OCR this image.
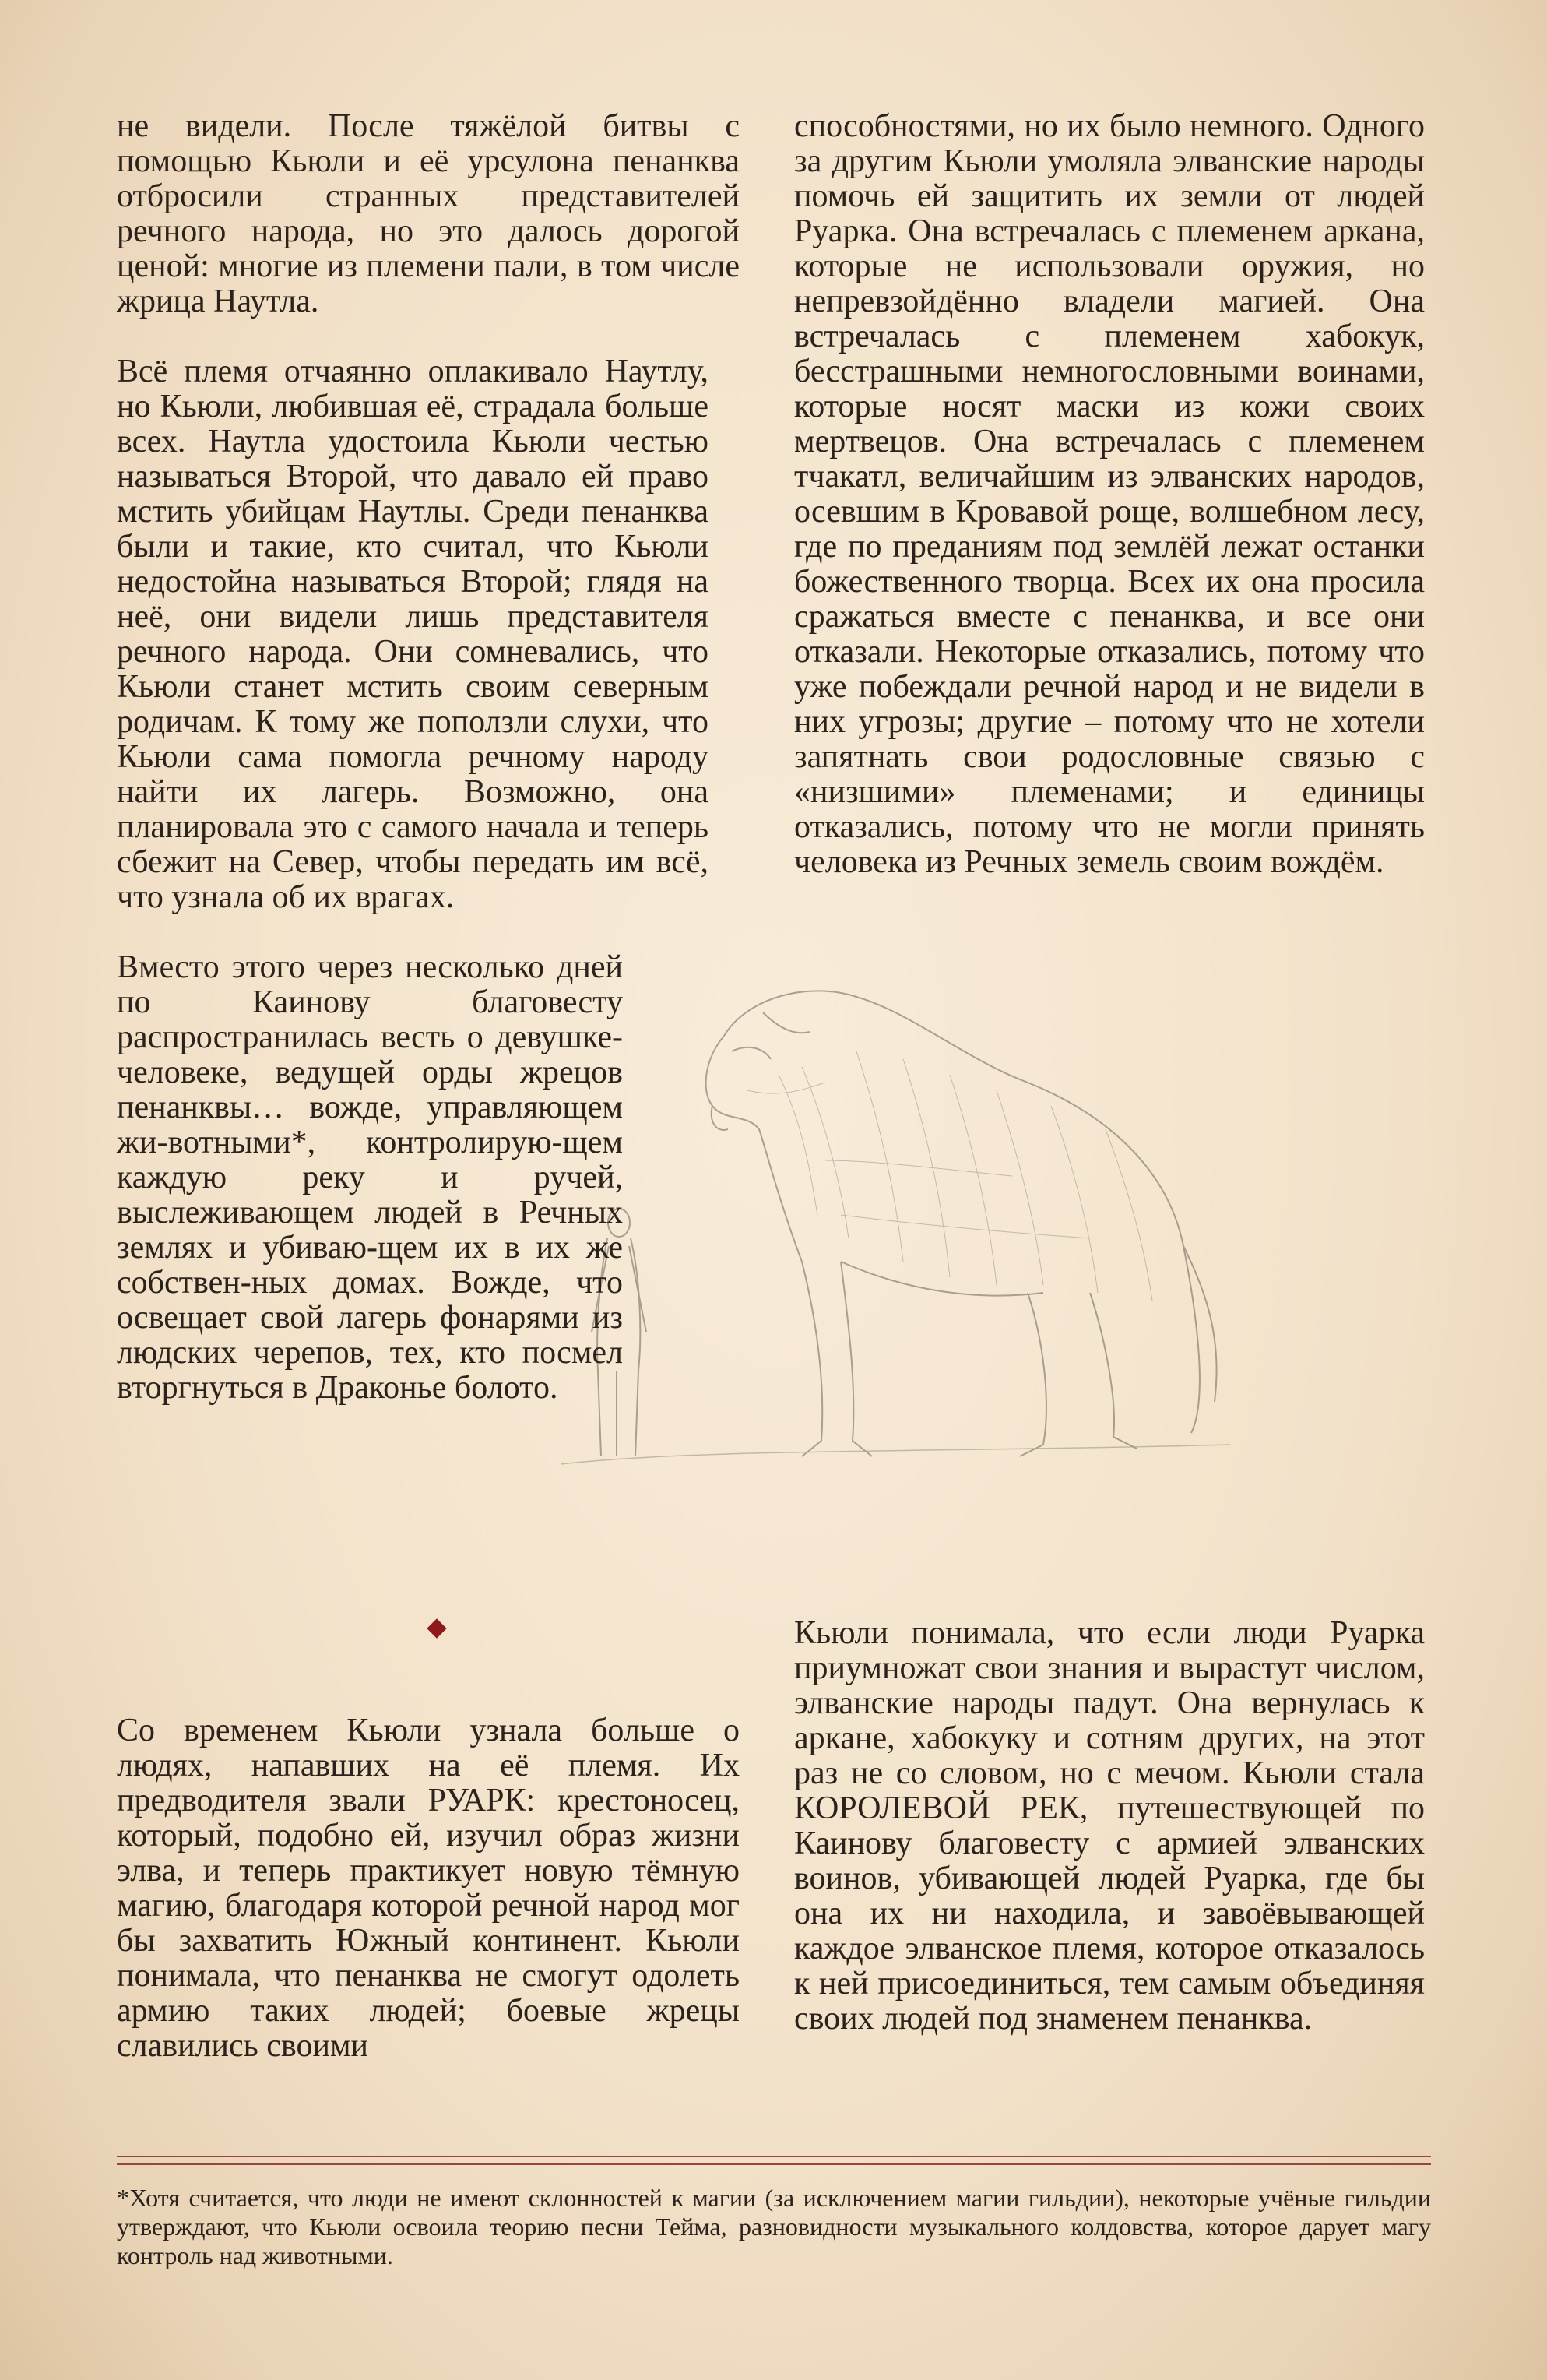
не видели. После тяжёлой битвы с помощью Кьюли и её урсулона пенанква отбросили странных представителей речного народа, но это далось дорогой ценой: многие из племени пали, в том числе жрица Наутла.

Всё племя отчаянно оплакивало Наутлу, но Кьюли, любившая её, страдала больше всех. Наутла удостоила Кьюли честью называться Второй, что давало ей право мстить убийцам Наутлы. Среди пенанква были и такие, кто считал, что Кьюли недостойна называться Второй; глядя на неё, они видели лишь представителя речного народа. Они сомневались, что Кьюли станет мстить своим северным родичам. К тому же поползли слухи, что Кьюли сама помогла речному народу найти их лагерь. Возможно, она планировала это с самого начала и теперь сбежит на Север, чтобы передать им всё, что узнала об их врагах.

Вместо этого через несколько дней по Каинову благовесту распространилась весть о девушке-человеке, ведущей орды жрецов пенанквы… вожде, управляющем жи-вотными*, контролирую-щем каждую реку и ручей, выслеживающем людей в Речных землях и убиваю-щем их в их же собствен-ных домах. Вожде, что освещает свой лагерь фонарями из людских черепов, тех, кто посмел вторгнуться в Драконье болото.

способностями, но их было немного. Одного за другим Кьюли умоляла элванские народы помочь ей защитить их земли от людей Руарка. Она встречалась с племенем аркана, которые не использовали оружия, но непревзойдённо владели магией. Она встречалась с племенем хабокук, бесстрашными немногословными воинами, которые носят маски из кожи своих мертвецов. Она встречалась с племенем тчакатл, величайшим из элванских народов, осевшим в Кровавой роще, волшебном лесу, где по преданиям под землёй лежат останки божественного творца. Всех их она просила сражаться вместе с пенанква, и все они отказали. Некоторые отказались, потому что уже побеждали речной народ и не видели в них угрозы; другие – потому что не хотели запятнать свои родословные связью с «низшими» племенами; и единицы отказались, потому что не могли принять человека из Речных земель своим вождём.

Со временем Кьюли узнала больше о людях, напавших на её племя. Их предводителя звали РУАРК: крестоносец, который, подобно ей, изучил образ жизни элва, и теперь практикует новую тёмную магию, благодаря которой речной народ мог бы захватить Южный континент. Кьюли понимала, что пенанква не смогут одолеть армию таких людей; боевые жрецы славились своими

Кьюли понимала, что если люди Руарка приумножат свои знания и вырастут числом, элванские народы падут. Она вернулась к аркане, хабокуку и сотням других, на этот раз не со словом, но с мечом. Кьюли стала КОРОЛЕВОЙ РЕК, путешествующей по Каинову благовесту с армией элванских воинов, убивающей людей Руарка, где бы она их ни находила, и завоёвывающей каждое элванское племя, которое отказалось к ней присоединиться, тем самым объединяя своих людей под знаменем пенанква.

*Хотя считается, что люди не имеют склонностей к магии (за исключением магии гильдии), некоторые учёные гильдии утверждают, что Кьюли освоила теорию песни Тейма, разновидности музыкального колдовства, которое дарует магу контроль над животными.
